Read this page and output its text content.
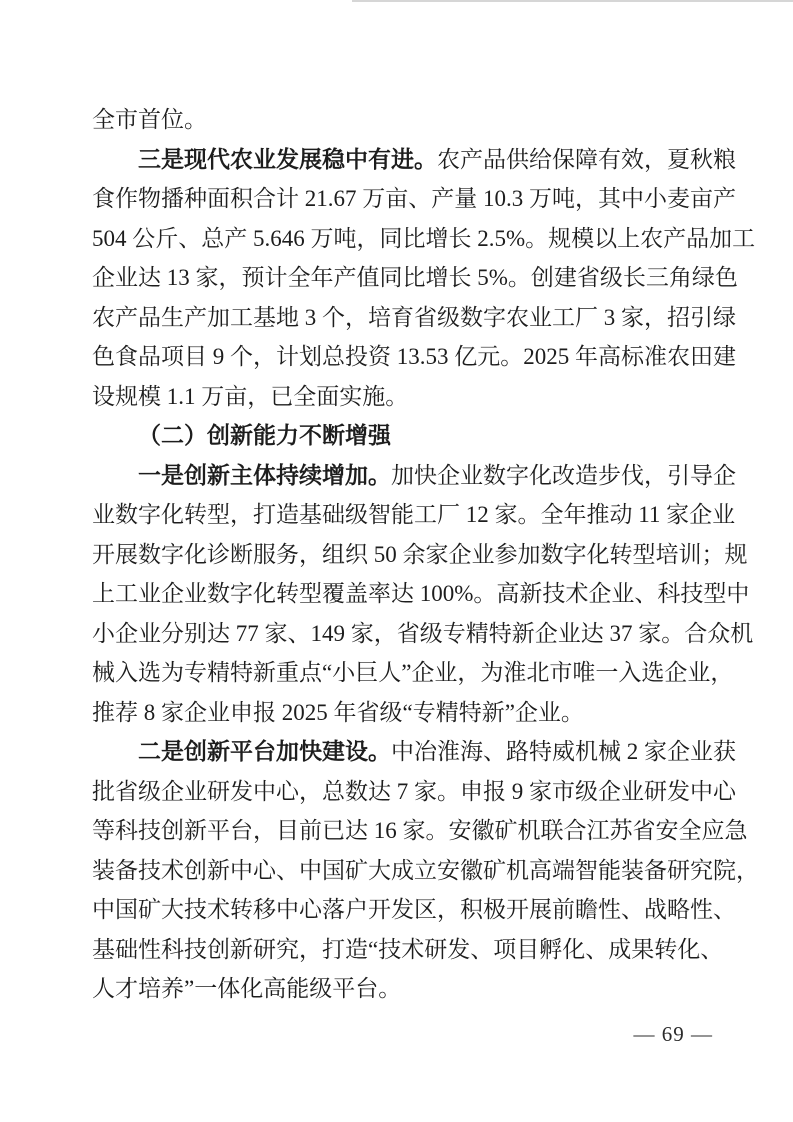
全市首位。
三是现代农业发展稳中有进。农产品供给保障有效，夏秋粮
食作物播种面积合计 21.67 万亩、产量 10.3 万吨，其中小麦亩产
504 公斤、总产 5.646 万吨，同比增长 2.5%。规模以上农产品加工
企业达 13 家，预计全年产值同比增长 5%。创建省级长三角绿色
农产品生产加工基地 3 个，培育省级数字农业工厂 3 家，招引绿
色食品项目 9 个，计划总投资 13.53 亿元。2025 年高标准农田建
设规模 1.1 万亩，已全面实施。
（二）创新能力不断增强
一是创新主体持续增加。加快企业数字化改造步伐，引导企
业数字化转型，打造基础级智能工厂 12 家。全年推动 11 家企业
开展数字化诊断服务，组织 50 余家企业参加数字化转型培训；规
上工业企业数字化转型覆盖率达 100%。高新技术企业、科技型中
小企业分别达 77 家、149 家，省级专精特新企业达 37 家。合众机
械入选为专精特新重点“小巨人”企业，为淮北市唯一入选企业，
推荐 8 家企业申报 2025 年省级“专精特新”企业。
二是创新平台加快建设。中冶淮海、路特威机械 2 家企业获
批省级企业研发中心，总数达 7 家。申报 9 家市级企业研发中心
等科技创新平台，目前已达 16 家。安徽矿机联合江苏省安全应急
装备技术创新中心、中国矿大成立安徽矿机高端智能装备研究院，
中国矿大技术转移中心落户开发区，积极开展前瞻性、战略性、
基础性科技创新研究，打造“技术研发、项目孵化、成果转化、
人才培养”一体化高能级平台。
— 69 —
